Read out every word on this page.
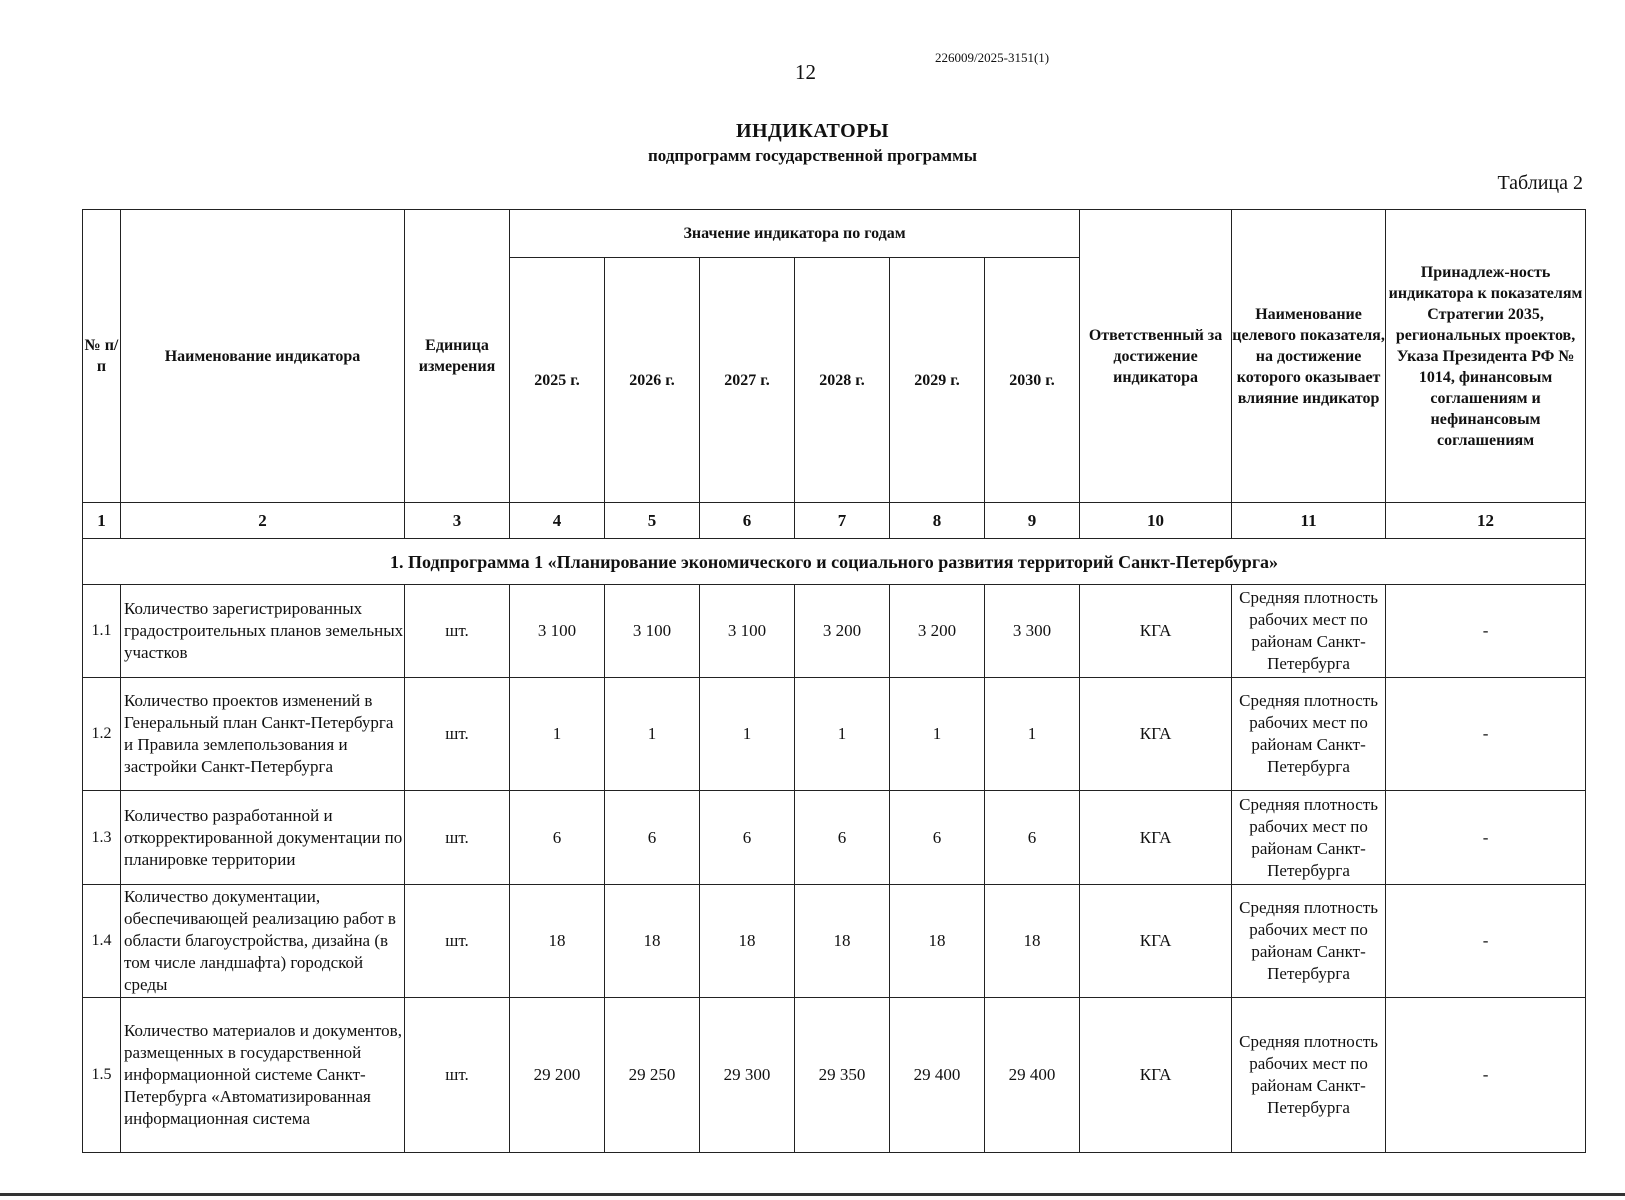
12
226009/2025-3151(1)
ИНДИКАТОРЫ
подпрограмм государственной программы
Таблица 2
№ п/п	Наименование индикатора	Единица измерения	Значение индикатора по годам						Ответственный за достижение индикатора	Наименование целевого показателя, на достижение которого оказывает влияние индикатор	Принадлеж-ность индикатора к показателям Стратегии 2035, региональных проектов, Указа Президента РФ № 1014, финансовым соглашениям и нефинансовым соглашениям
			2025 г.	2026 г.	2027 г.	2028 г.	2029 г.	2030 г.			
1	2	3	4	5	6	7	8	9	10	11	12
1. Подпрограмма 1 «Планирование экономического и социального развития территорий Санкт-Петербурга»											
1.1	Количество зарегистрированных градостроительных планов земельных участков	шт.	3 100	3 100	3 100	3 200	3 200	3 300	КГА	Средняя плотность рабочих мест по районам Санкт-Петербурга	-
1.2	Количество проектов изменений в Генеральный план Санкт-Петербурга и Правила землепользования и застройки Санкт-Петербурга	шт.	1	1	1	1	1	1	КГА	Средняя плотность рабочих мест по районам Санкт-Петербурга	-
1.3	Количество разработанной и откорректированной документации по планировке территории	шт.	6	6	6	6	6	6	КГА	Средняя плотность рабочих мест по районам Санкт-Петербурга	-
1.4	Количество документации, обеспечивающей реализацию работ в области благоустройства, дизайна (в том числе ландшафта) городской среды	шт.	18	18	18	18	18	18	КГА	Средняя плотность рабочих мест по районам Санкт-Петербурга	-
1.5	Количество материалов и документов, размещенных в государственной информационной системе Санкт-Петербурга «Автоматизированная информационная система	шт.	29 200	29 250	29 300	29 350	29 400	29 400	КГА	Средняя плотность рабочих мест по районам Санкт-Петербурга	-
